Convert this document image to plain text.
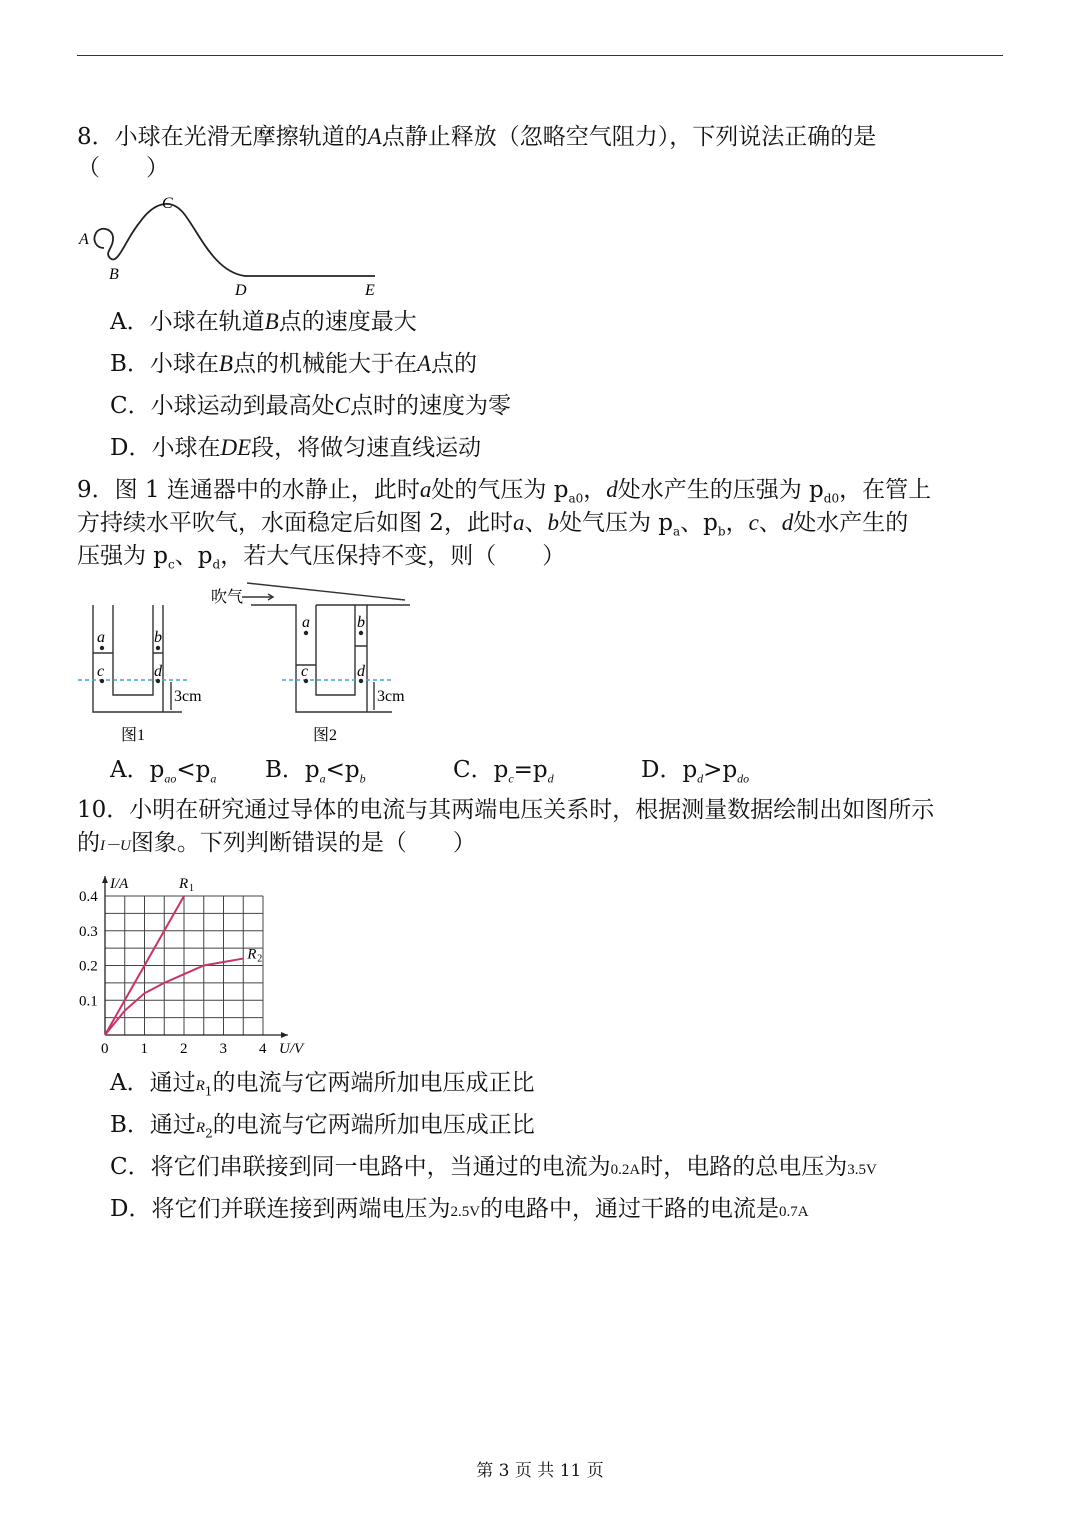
8．小球在光滑无摩擦轨道的A点静止释放（忽略空气阻力），下列说法正确的是
（　　）
A
B
C
D	E
a	b
c	d
3cm
图1
吹气
a	b
c	d
3cm
图2
0 1 2 3 4
0.1
0.2
0.3
0.4
U/V
I/A	R 1
R 2
A．小球在轨道B点的速度最大
B．小球在B点的机械能大于在A点的
C．小球运动到最高处C点时的速度为零
D．小球在DE段，将做匀速直线运动
9．图 1 连通器中的水静止，此时a处的气压为 $p_{a0}$，d处水产生的压强为 $p_{d0}$，在管上
方持续水平吹气，水面稳定后如图 2，此时a、b处气压为 $p_a$、$p_b$，c、d处水产生的
压强为 $p_c$、$p_d$，若大气压保持不变，则（　　）
A．$p_{ao}<p_a$ B．$p_a<p_b$	C．$p_c=p_d$	D．$p_d>p_{do}$
10．小明在研究通过导体的电流与其两端电压关系时，根据测量数据绘制出如图所示
的I－U图象。下列判断错误的是（　　）
A．通过$R_1$的电流与它两端所加电压成正比
B．通过$R_2$的电流与它两端所加电压成正比
C．将它们串联接到同一电路中，当通过的电流为0.2A时，电路的总电压为3.5V
D．将它们并联连接到两端电压为2.5V的电路中，通过干路的电流是0.7A
第 3 页 共 11 页
